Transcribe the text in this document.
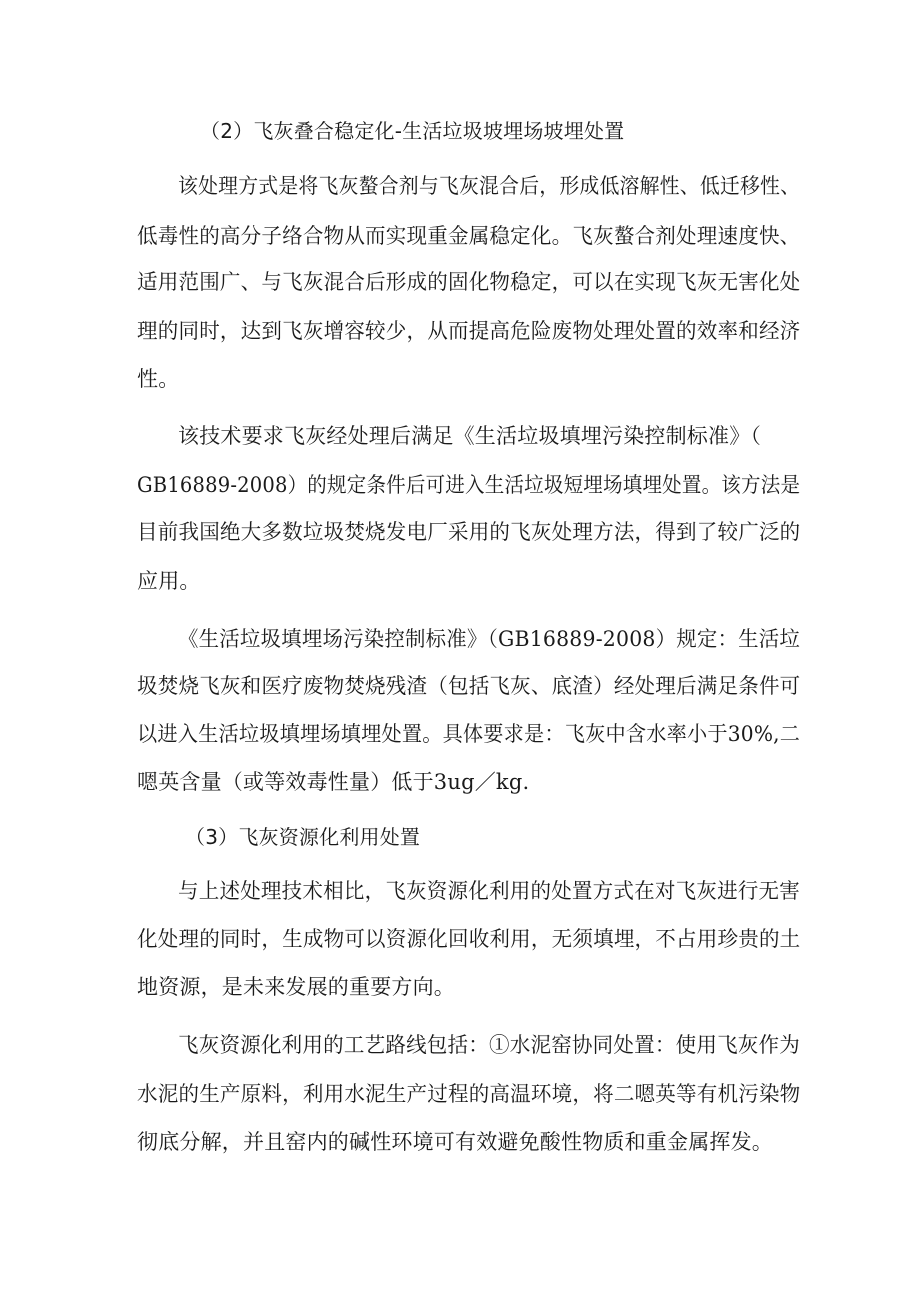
（2）飞灰叠合稳定化-生活垃圾坡埋场坡埋处置

该处理方式是将飞灰螯合剂与飞灰混合后，形成低溶解性、低迁移性、

低毒性的高分子络合物从而实现重金属稳定化。飞灰螯合剂处理速度快、

适用范围广、与飞灰混合后形成的固化物稳定，可以在实现飞灰无害化处

理的同时，达到飞灰增容较少，从而提高危险废物处理处置的效率和经济

性。

该技术要求飞灰经处理后满足《生活垃圾填埋污染控制标准》（

GB16889-2008）的规定条件后可进入生活垃圾短埋场填埋处置。该方法是

目前我国绝大多数垃圾焚烧发电厂采用的飞灰处理方法，得到了较广泛的

应用。

《生活垃圾填埋场污染控制标准》（GB16889-2008）规定：生活垃

圾焚烧飞灰和医疗废物焚烧残渣（包括飞灰、底渣）经处理后满足条件可

以进入生活垃圾填埋场填埋处置。具体要求是：飞灰中含水率小于30%,二

嗯英含量（或等效毒性量）低于3ug／kg.

（3）飞灰资源化利用处置

与上述处理技术相比，飞灰资源化利用的处置方式在对飞灰进行无害

化处理的同时，生成物可以资源化回收利用，无须填埋，不占用珍贵的土

地资源，是未来发展的重要方向。

飞灰资源化利用的工艺路线包括：①水泥窑协同处置：使用飞灰作为

水泥的生产原料，利用水泥生产过程的高温环境，将二嗯英等有机污染物

彻底分解，并且窑内的碱性环境可有效避免酸性物质和重金属挥发。
